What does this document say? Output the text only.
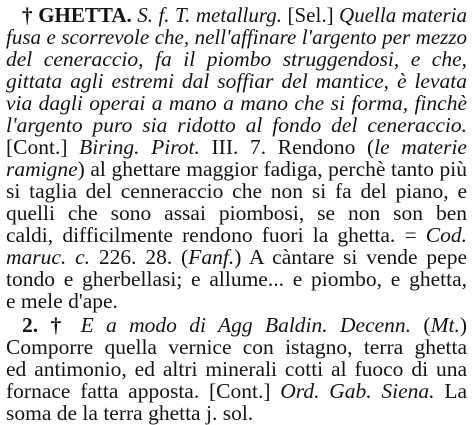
† GHETTA. S. f. T. metallurg. [Sel.] Quella materia
fusa e scorrevole che, nell'affinare l'argento per mezzo
del ceneraccio, fa il piombo struggendosi, e che,
gittata agli estremi dal soffiar del mantice, è levata
via dagli operai a mano a mano che si forma, finchè
l'argento puro sia ridotto al fondo del ceneraccio.
[Cont.] Biring. Pirot. III. 7. Rendono (le materie
ramigne) al ghettare maggior fadiga, perchè tanto più
si taglia del cenneraccio che non si fa del piano, e
quelli che sono assai piombosi, se non son ben
caldi, difficilmente rendono fuori la ghetta. = Cod.
maruc. c. 226. 28. (Fanf.) A càntare si vende pepe
tondo e gherbellasi; e allume... e piombo, e ghetta,
e mele d'ape.
2. † E a modo di Agg Baldin. Decenn. (Mt.)
Comporre quella vernice con istagno, terra ghetta
ed antimonio, ed altri minerali cotti al fuoco di una
fornace fatta apposta. [Cont.] Ord. Gab. Siena. La
soma de la terra ghetta j. sol.
